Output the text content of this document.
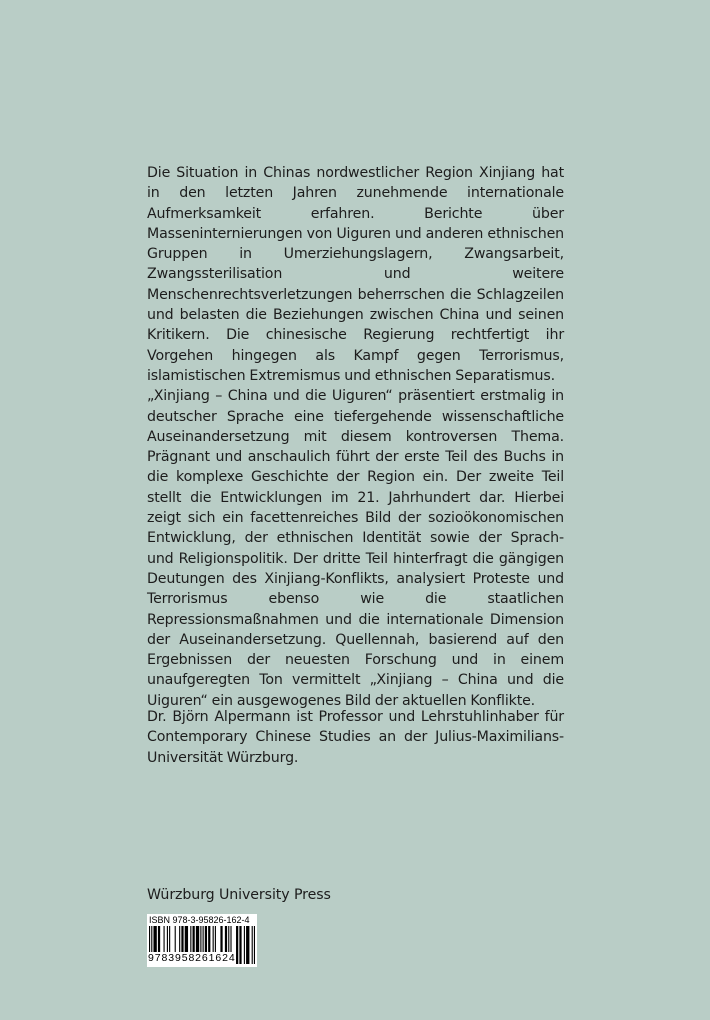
Die Situation in Chinas nordwestlicher Region Xinjiang hat in den letzten Jahren zunehmende internationale Aufmerksamkeit erfahren. Berichte über Masseninternierungen von Uiguren und anderen ethnischen Gruppen in Umerziehungslagern, Zwangsarbeit, Zwangssterilisation und weitere Menschenrechtsverletzungen beherrschen die Schlagzeilen und belasten die Beziehungen zwischen China und seinen Kritikern. Die chinesische Regierung rechtfertigt ihr Vorgehen hingegen als Kampf gegen Terrorismus, islamistischen Extremismus und ethnischen Separatismus.

„Xinjiang – China und die Uiguren“ präsentiert erstmalig in deutscher Sprache eine tiefergehende wissenschaftliche Auseinandersetzung mit diesem kontroversen Thema. Prägnant und anschaulich führt der erste Teil des Buchs in die komplexe Geschichte der Region ein. Der zweite Teil stellt die Entwicklungen im 21. Jahrhundert dar. Hierbei zeigt sich ein facettenreiches Bild der sozioökonomischen Entwicklung, der ethnischen Identität sowie der Sprach- und Religionspolitik. Der dritte Teil hinterfragt die gängigen Deutungen des Xinjiang-Konflikts, analysiert Proteste und Terrorismus ebenso wie die staatlichen Repressionsmaßnahmen und die internationale Dimension der Auseinandersetzung. Quellennah, basierend auf den Ergebnissen der neuesten Forschung und in einem unaufgeregten Ton vermittelt „Xinjiang – China und die Uiguren“ ein ausgewogenes Bild der aktuellen Konflikte.

Dr. Björn Alpermann ist Professor und Lehrstuhlinhaber für Contemporary Chinese Studies an der Julius-Maximilians-Universität Würzburg.

Würzburg University Press
ISBN 978-3-95826-162-4
9783958261624
